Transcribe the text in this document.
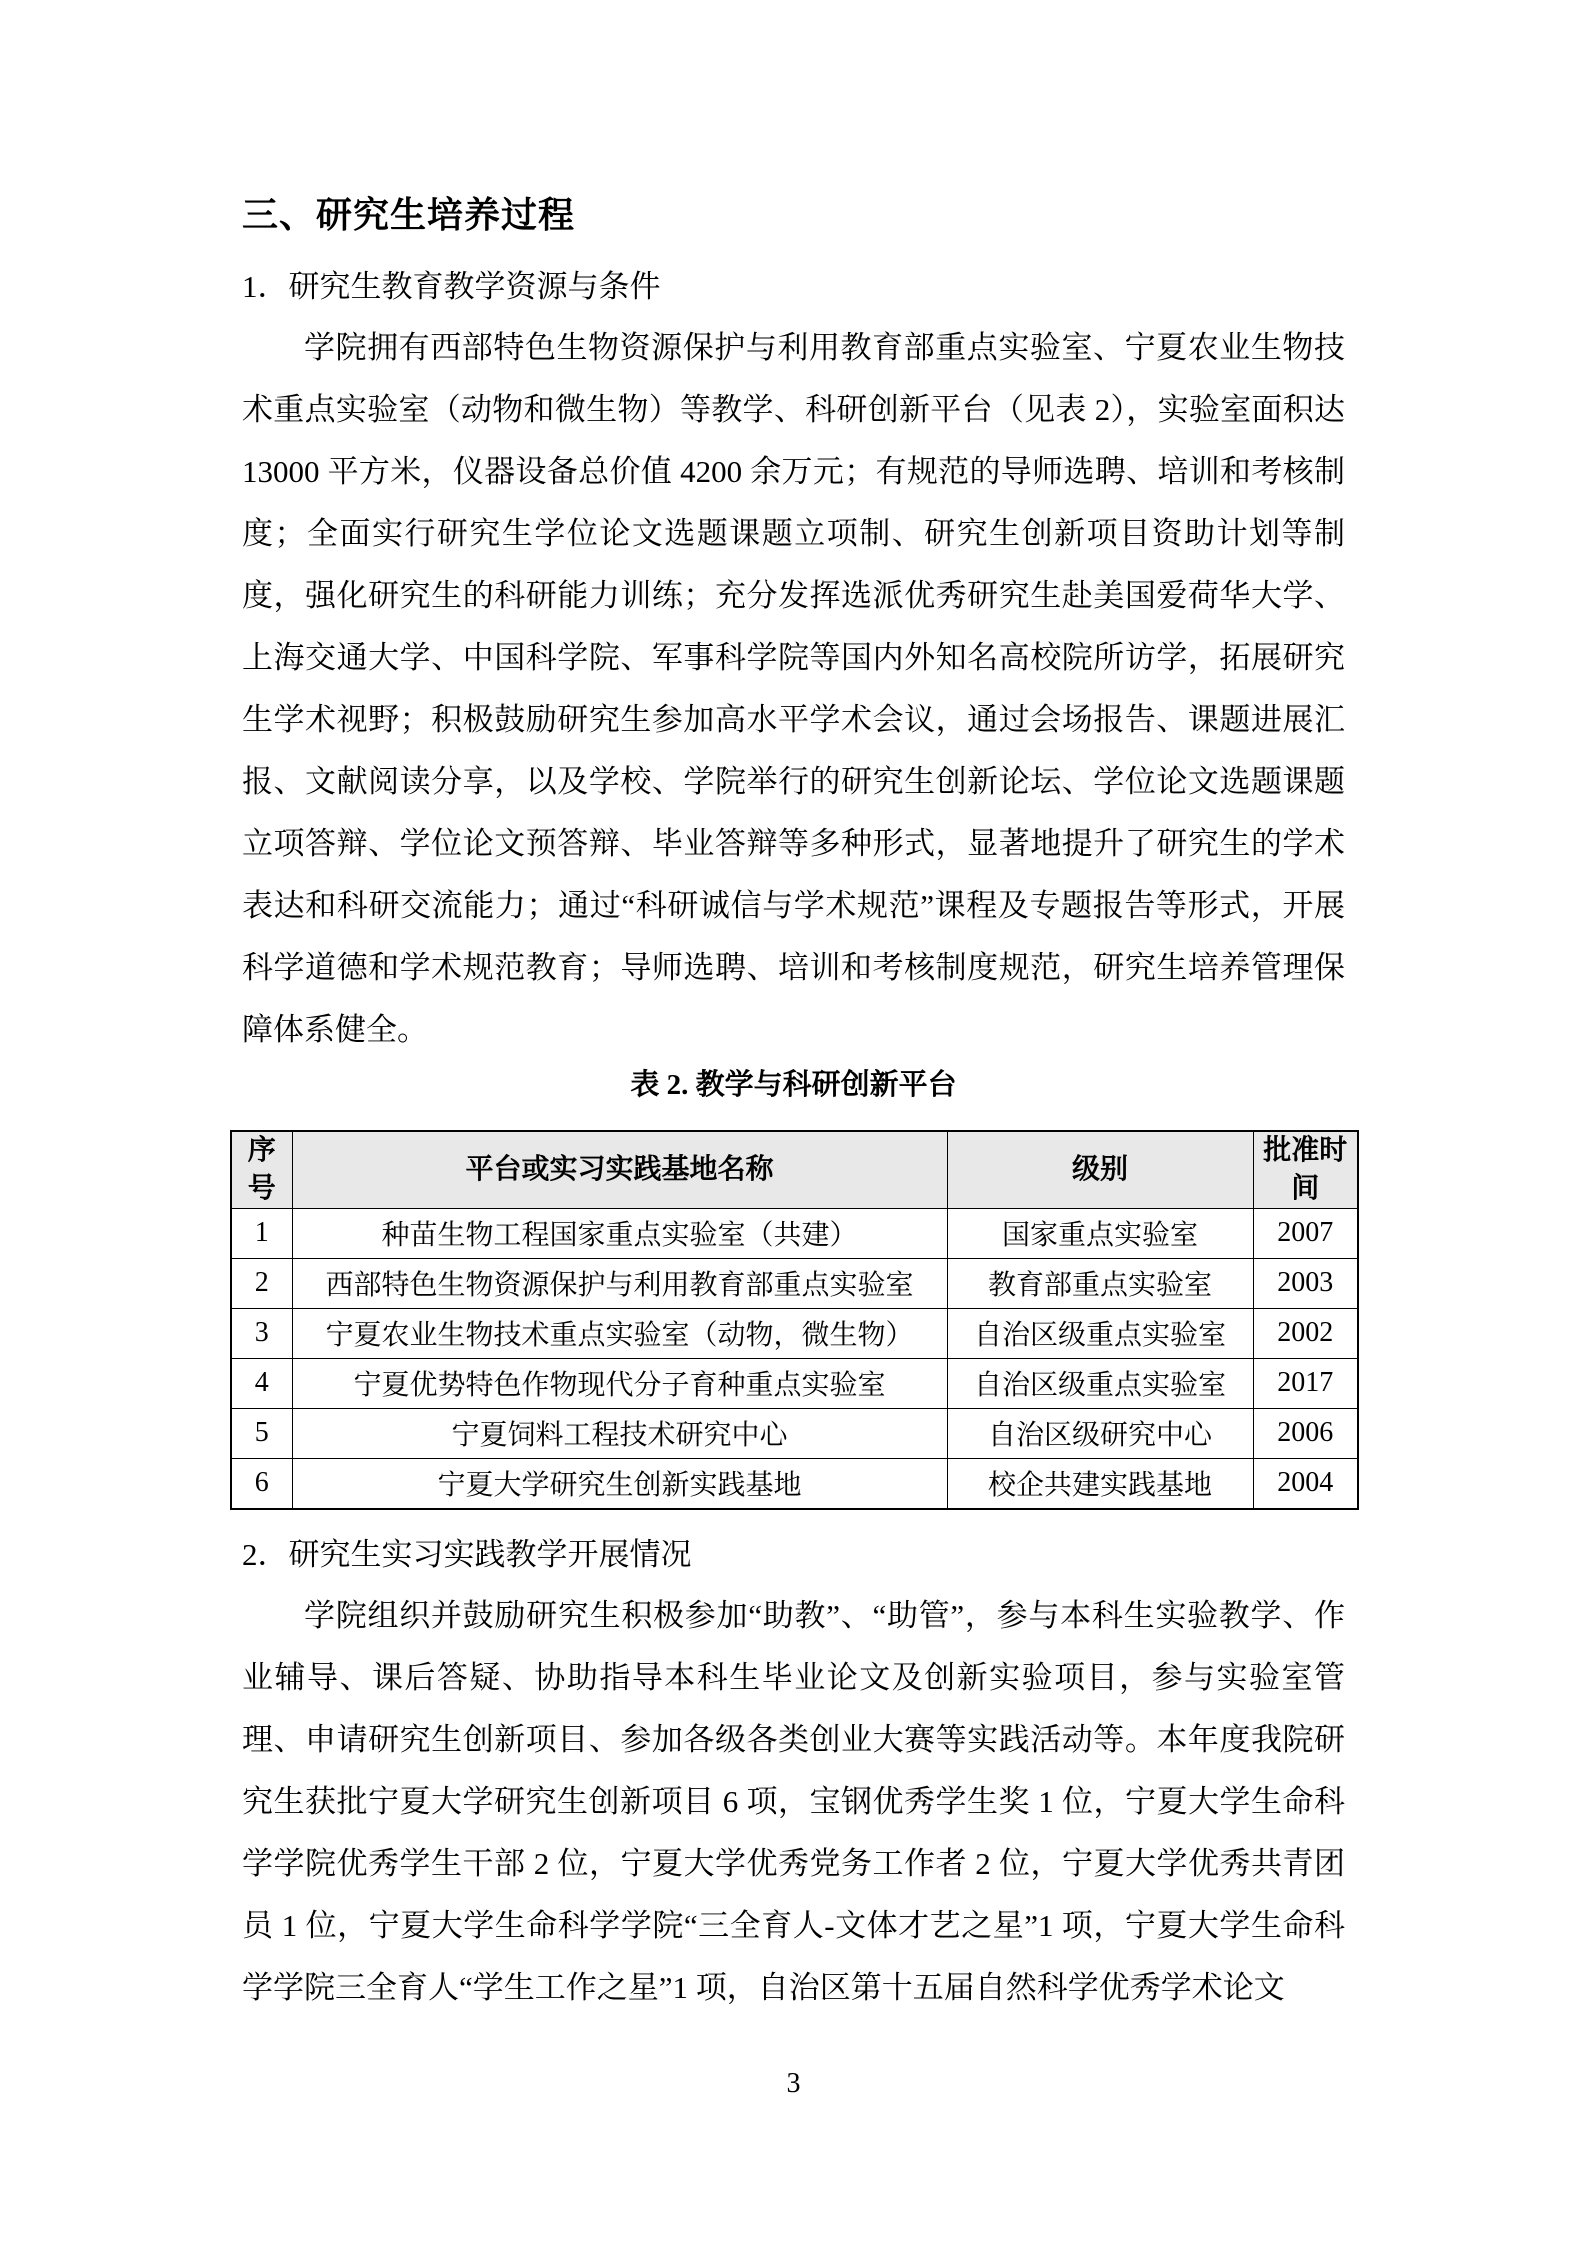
三、研究生培养过程
1．研究生教育教学资源与条件

学院拥有西部特色生物资源保护与利用教育部重点实验室、宁夏农业生物技术重点实验室（动物和微生物）等教学、科研创新平台（见表 2），实验室面积达 13000 平方米，仪器设备总价值 4200 余万元；有规范的导师选聘、培训和考核制度；全面实行研究生学位论文选题课题立项制、研究生创新项目资助计划等制度，强化研究生的科研能力训练；充分发挥选派优秀研究生赴美国爱荷华大学、上海交通大学、中国科学院、军事科学院等国内外知名高校院所访学，拓展研究生学术视野；积极鼓励研究生参加高水平学术会议，通过会场报告、课题进展汇报、文献阅读分享，以及学校、学院举行的研究生创新论坛、学位论文选题课题立项答辩、学位论文预答辩、毕业答辩等多种形式，显著地提升了研究生的学术表达和科研交流能力；通过“科研诚信与学术规范”课程及专题报告等形式，开展科学道德和学术规范教育；导师选聘、培训和考核制度规范，研究生培养管理保障体系健全。

表 2. 教学与科研创新平台

序号	平台或实习实践基地名称	级别	批准时间
1	种苗生物工程国家重点实验室（共建）	国家重点实验室	2007
2	西部特色生物资源保护与利用教育部重点实验室	教育部重点实验室	2003
3	宁夏农业生物技术重点实验室（动物，微生物）	自治区级重点实验室	2002
4	宁夏优势特色作物现代分子育种重点实验室	自治区级重点实验室	2017
5	宁夏饲料工程技术研究中心	自治区级研究中心	2006
6	宁夏大学研究生创新实践基地	校企共建实践基地	2004
2．研究生实习实践教学开展情况

学院组织并鼓励研究生积极参加“助教”、“助管”，参与本科生实验教学、作业辅导、课后答疑、协助指导本科生毕业论文及创新实验项目，参与实验室管理、申请研究生创新项目、参加各级各类创业大赛等实践活动等。本年度我院研究生获批宁夏大学研究生创新项目 6 项，宝钢优秀学生奖 1 位，宁夏大学生命科学学院优秀学生干部 2 位，宁夏大学优秀党务工作者 2 位，宁夏大学优秀共青团员 1 位，宁夏大学生命科学学院“三全育人-文体才艺之星”1 项，宁夏大学生命科学学院三全育人“学生工作之星”1 项，自治区第十五届自然科学优秀学术论文

3
